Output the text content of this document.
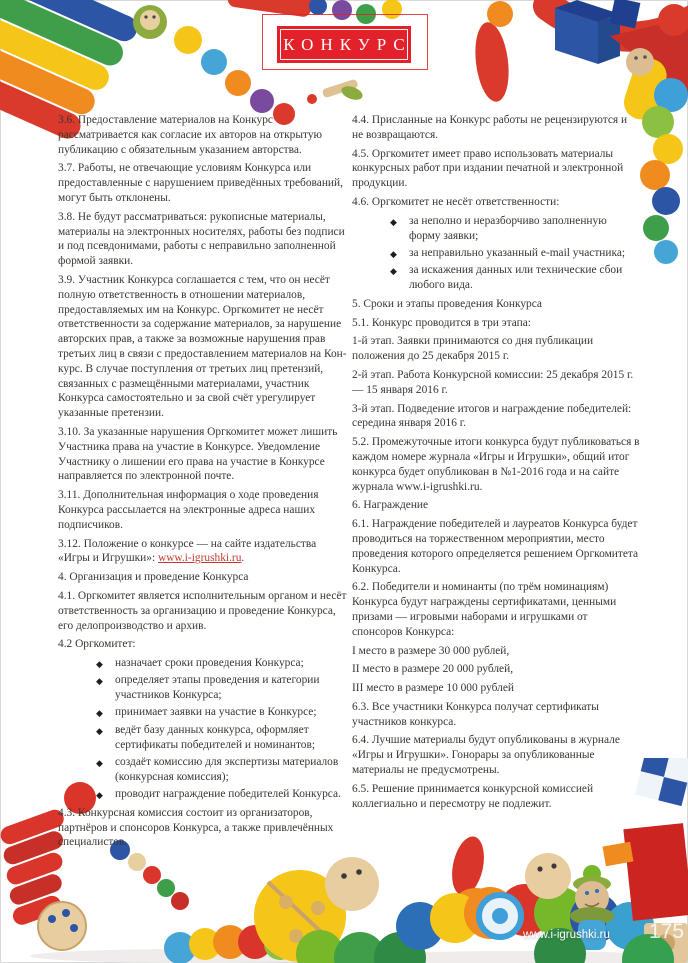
КОНКУРС

3.6. Предоставление материалов на Конкурс рассматривается как согласие их авторов на открытую публикацию с обязательным указанием авторства.

3.7. Работы, не отвечающие условиям Конкурса или предоставленные с нарушением приведённых требований, могут быть отклонены.

3.8. Не будут рассматриваться: рукописные материалы, материалы на электронных носителях, работы без подписи и под псевдонимами, работы с неправильно заполненной формой заявки.

3.9. Участник Конкурса соглашается с тем, что он несёт полную ответственность в отношении материалов, предоставляемых им на Конкурс. Оргкомитет не несёт ответственности за содержание материалов, за нарушение авторских прав, а также за возможные нарушения прав третьих лиц в связи с предоставлением материалов на Кон- курс. В случае поступления от третьих лиц претензий, связанных с размещёнными материалами, участник Конкурса самостоятельно и за свой счёт урегулирует указанные претензии.

3.10. За указанные нарушения Оргкомитет может лишить Участника права на участие в Конкурсе. Уведомление Участнику о лишении его права на участие в Конкурсе направляется по электронной почте.

3.11. Дополнительная информация о ходе проведения Конкурса рассылается на электронные адреса наших подписчиков.

3.12. Положение о конкурсе — на сайте издательства «Игры и Игрушки»: www.i-igrushki.ru.

4. Организация и проведение Конкурса

4.1. Оргкомитет является исполнительным органом и несёт ответственность за организацию и проведение Конкурса, его делопроизводство и архив.

4.2 Оргкомитет:

◆ назначает сроки проведения Конкурса;
◆ определяет этапы проведения и категории участников Конкурса;
◆ принимает заявки на участие в Конкурсе;
◆ ведёт базу данных конкурса, оформляет сертификаты победителей и номинантов;
◆ создаёт комиссию для экспертизы материалов (конкурсная комиссия);
◆ проводит награждение победителей Конкурса.

4.3. Конкурсная комиссия состоит из организаторов, партнёров и спонсоров Конкурса, а также привлечённых специалистов.

4.4. Присланные на Конкурс работы не рецензируются и не возвращаются.

4.5. Оргкомитет имеет право использовать материалы конкурсных работ при издании печатной и электронной продукции.

4.6. Оргкомитет не несёт ответственности:

◆ за неполно и неразборчиво заполненную форму заявки;
◆ за неправильно указанный e-mail участника;
◆ за искажения данных или технические сбои любого вида.

5. Сроки и этапы проведения Конкурса

5.1. Конкурс проводится в три этапа:

1-й этап. Заявки принимаются со дня публикации положения до 25 декабря 2015 г.

2-й этап. Работа Конкурсной комиссии: 25 декабря 2015 г. — 15 января 2016 г.

3-й этап. Подведение итогов и награждение победителей: середина января 2016 г.

5.2. Промежуточные итоги конкурса будут публиковаться в каждом номере журнала «Игры и Игрушки», общий итог конкурса будет опубликован в №1-2016 года и на сайте журнала www.i-igrushki.ru.

6. Награждение

6.1. Награждение победителей и лауреатов Конкурса будет проводиться на торжественном мероприятии, место проведения которого определяется решением Оргкомитета Конкурса.

6.2. Победители и номинанты (по трём номинациям) Конкурса будут награждены сертификатами, ценными призами — игровыми наборами и игрушками от спонсоров Конкурса:

I место в размере 30 000 рублей,

II место в размере 20 000 рублей,

III место в размере 10 000 рублей

6.3. Все участники Конкурса получат сертификаты участников конкурса.

6.4. Лучшие материалы будут опубликованы в журнале «Игры и Игрушки». Гонорары за опубликованные материалы не предусмотрены.

6.5. Решение принимается конкурсной комиссией коллегиально и пересмотру не подлежит.

www.i-igrushki.ru 175
